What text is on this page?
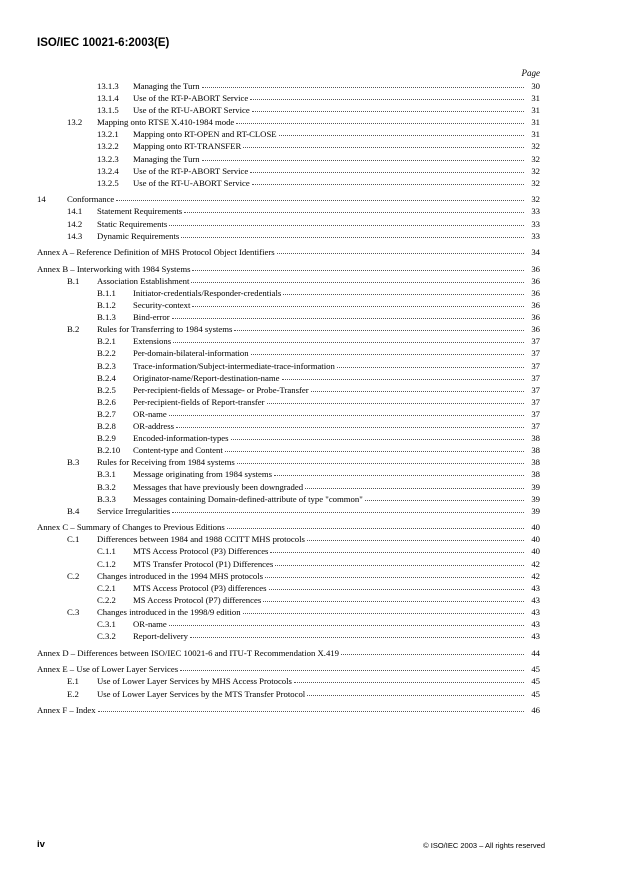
ISO/IEC 10021-6:2003(E)
Page
13.1.3 Managing the Turn	30
13.1.4 Use of the RT-P-ABORT Service	31
13.1.5 Use of the RT-U-ABORT Service	31
13.2 Mapping onto RTSE X.410-1984 mode	31
13.2.1 Mapping onto RT-OPEN and RT-CLOSE	31
13.2.2 Mapping onto RT-TRANSFER	32
13.2.3 Managing the Turn	32
13.2.4 Use of the RT-P-ABORT Service	32
13.2.5 Use of the RT-U-ABORT Service	32
14 Conformance	32
14.1 Statement Requirements	33
14.2 Static Requirements	33
14.3 Dynamic Requirements	33
Annex A – Reference Definition of MHS Protocol Object Identifiers	34
Annex B – Interworking with 1984 Systems	36
B.1 Association Establishment	36
B.1.1 Initiator-credentials/Responder-credentials	36
B.1.2 Security-context	36
B.1.3 Bind-error	36
B.2 Rules for Transferring to 1984 systems	36
B.2.1 Extensions	37
B.2.2 Per-domain-bilateral-information	37
B.2.3 Trace-information/Subject-intermediate-trace-information	37
B.2.4 Originator-name/Report-destination-name	37
B.2.5 Per-recipient-fields of Message- or Probe-Transfer	37
B.2.6 Per-recipient-fields of Report-transfer	37
B.2.7 OR-name	37
B.2.8 OR-address	37
B.2.9 Encoded-information-types	38
B.2.10 Content-type and Content	38
B.3 Rules for Receiving from 1984 systems	38
B.3.1 Message originating from 1984 systems	38
B.3.2 Messages that have previously been downgraded	39
B.3.3 Messages containing Domain-defined-attribute of type "common"	39
B.4 Service Irregularities	39
Annex C – Summary of Changes to Previous Editions	40
C.1 Differences between 1984 and 1988 CCITT MHS protocols	40
C.1.1 MTS Access Protocol (P3) Differences	40
C.1.2 MTS Transfer Protocol (P1) Differences	42
C.2 Changes introduced in the 1994 MHS protocols	42
C.2.1 MTS Access Protocol (P3) differences	43
C.2.2 MS Access Protocol (P7) differences	43
C.3 Changes introduced in the 1998/9 edition	43
C.3.1 OR-name	43
C.3.2 Report-delivery	43
Annex D – Differences between ISO/IEC 10021-6 and ITU-T Recommendation X.419	44
Annex E – Use of Lower Layer Services	45
E.1 Use of Lower Layer Services by MHS Access Protocols	45
E.2 Use of Lower Layer Services by the MTS Transfer Protocol	45
Annex F – Index	46
iv	© ISO/IEC 2003 – All rights reserved
